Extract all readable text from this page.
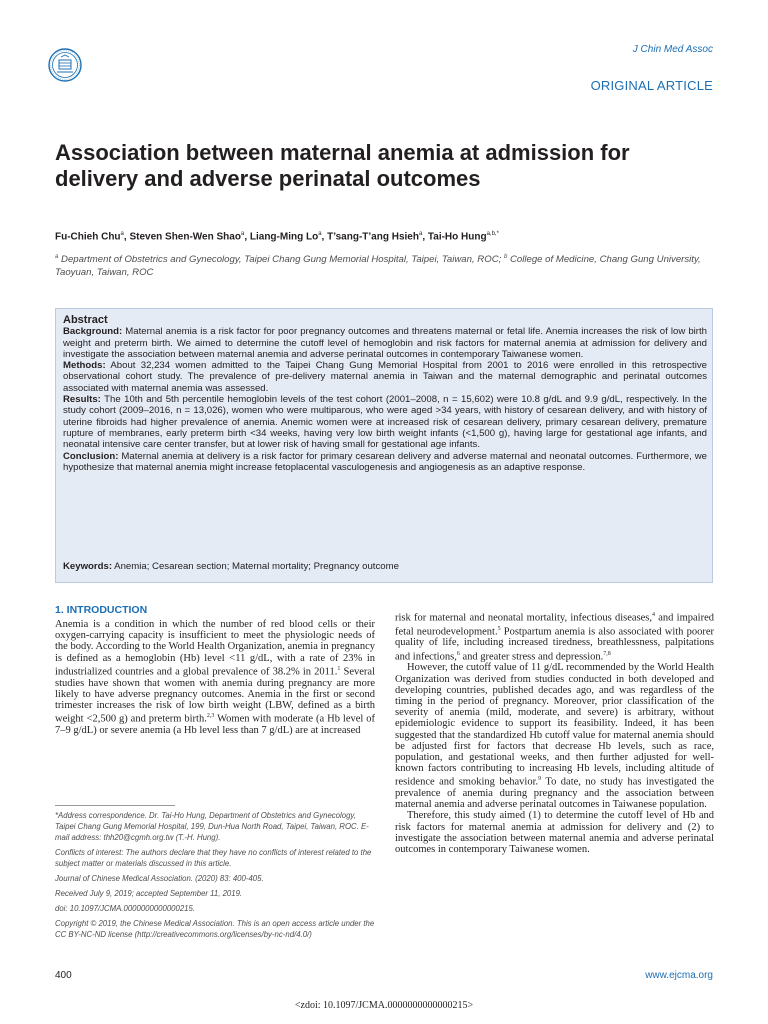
J Chin Med Assoc
ORIGINAL ARTICLE
Association between maternal anemia at admission for delivery and adverse perinatal outcomes
Fu-Chieh Chu$^a$, Steven Shen-Wen Shao$^a$, Liang-Ming Lo$^a$, T’sang-T’ang Hsieh$^a$, Tai-Ho Hung$^{a,b,*}$
$^a$ Department of Obstetrics and Gynecology, Taipei Chang Gung Memorial Hospital, Taipei, Taiwan, ROC; $^b$ College of Medicine, Chang Gung University, Taoyuan, Taiwan, ROC
Abstract

Background: Maternal anemia is a risk factor for poor pregnancy outcomes and threatens maternal or fetal life. Anemia increases the risk of low birth weight and preterm birth. We aimed to determine the cutoff level of hemoglobin and risk factors for maternal anemia at admission for delivery and investigate the association between maternal anemia and adverse perinatal outcomes in contemporary Taiwanese women.

Methods: About 32,234 women admitted to the Taipei Chang Gung Memorial Hospital from 2001 to 2016 were enrolled in this retrospective observational cohort study. The prevalence of pre-delivery maternal anemia in Taiwan and the maternal demographic and perinatal outcomes associated with maternal anemia was assessed.

Results: The 10th and 5th percentile hemoglobin levels of the test cohort (2001–2008, n = 15,602) were 10.8 g/dL and 9.9 g/dL, respectively. In the study cohort (2009–2016, n = 13,026), women who were multiparous, who were aged >34 years, with history of cesarean delivery, and with history of uterine fibroids had higher prevalence of anemia. Anemic women were at increased risk of cesarean delivery, primary cesarean delivery, premature rupture of membranes, early preterm birth <34 weeks, having very low birth weight infants (<1,500 g), having large for gestational age infants, and neonatal intensive care center transfer, but at lower risk of having small for gestational age infants.

Conclusion: Maternal anemia at delivery is a risk factor for primary cesarean delivery and adverse maternal and neonatal outcomes. Furthermore, we hypothesize that maternal anemia might increase fetoplacental vasculogenesis and angiogenesis as an adaptive response.

Keywords: Anemia; Cesarean section; Maternal mortality; Pregnancy outcome
1. INTRODUCTION

Anemia is a condition in which the number of red blood cells or their oxygen-carrying capacity is insufficient to meet the physiologic needs of the body. According to the World Health Organization, anemia in pregnancy is defined as a hemoglobin (Hb) level <11 g/dL, with a rate of 23% in industrialized countries and a global prevalence of 38.2% in 2011.$^1$ Several studies have shown that women with anemia during pregnancy are more likely to have adverse pregnancy outcomes. Anemia in the first or second trimester increases the risk of low birth weight (LBW, defined as a birth weight <2,500 g) and preterm birth.$^{2,3}$ Women with moderate (a Hb level of 7–9 g/dL) or severe anemia (a Hb level less than 7 g/dL) are at increased

risk for maternal and neonatal mortality, infectious diseases,$^4$ and impaired fetal neurodevelopment.$^5$ Postpartum anemia is also associated with poorer quality of life, including increased tiredness, breathlessness, palpitations and infections,$^6$ and greater stress and depression.$^{7,8}$

However, the cutoff value of 11 g/dL recommended by the World Health Organization was derived from studies conducted in both developed and developing countries, published decades ago, and was regardless of the timing in the period of pregnancy. Moreover, prior classification of the severity of anemia (mild, moderate, and severe) is arbitrary, without epidemiologic evidence to support its feasibility. Indeed, it has been suggested that the standardized Hb cutoff value for maternal anemia should be adjusted first for factors that decrease Hb levels, such as race, population, and gestational weeks, and then further adjusted for well-known factors contributing to increasing Hb levels, including altitude of residence and smoking behavior.$^9$ To date, no study has investigated the prevalence of anemia during pregnancy and the association between maternal anemia and adverse perinatal outcomes in Taiwanese population.

Therefore, this study aimed (1) to determine the cutoff level of Hb and risk factors for maternal anemia at admission for delivery and (2) to investigate the association between maternal anemia and adverse perinatal outcomes in contemporary Taiwanese women.

*Address correspondence. Dr. Tai-Ho Hung, Department of Obstetrics and Gynecology, Taipei Chang Gung Memorial Hospital, 199, Dun-Hua North Road, Taipei, Taiwan, ROC. E-mail address: thh20@cgmh.org.tw (T.-H. Hung).

Conflicts of interest: The authors declare that they have no conflicts of interest related to the subject matter or materials discussed in this article.

Journal of Chinese Medical Association. (2020) 83: 400-405.

Received July 9, 2019; accepted September 11, 2019.

doi: 10.1097/JCMA.0000000000000215.

Copyright © 2019, the Chinese Medical Association. This is an open access article under the CC BY-NC-ND license (http://creativecommons.org/licenses/by-nc-nd/4.0/)

400	www.ejcma.org
<zdoi: 10.1097/JCMA.0000000000000215>
